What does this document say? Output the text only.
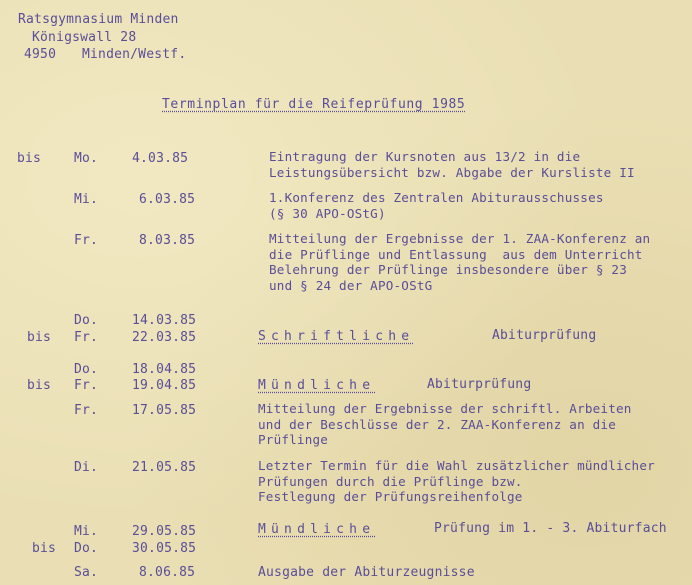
Ratsgymnasium Minden
Königswall 28
4950 Minden/Westf.
Terminplan für die Reifeprüfung 1985
bis	Mo.	4.03.85	Eintragung der Kursnoten aus 13/2 in die
Leistungsübersicht bzw. Abgabe der Kursliste II
Mi.	6.03.85	1.Konferenz des Zentralen Abiturausschusses
(§ 30 APO-OStG)
Fr.	8.03.85	Mitteilung der Ergebnisse der 1. ZAA-Konferenz an
die Prüflinge und Entlassung  aus dem Unterricht
Belehrung der Prüflinge insbesondere über § 23
und § 24 der APO-OStG
Do.	14.03.85
bis Fr.	22.03.85	Schriftliche	Abiturprüfung
Do.	18.04.85
bis Fr.	19.04.85	Mündliche	Abiturprüfung
Fr.	17.05.85	Mitteilung der Ergebnisse der schriftl. Arbeiten
und der Beschlüsse der 2. ZAA-Konferenz an die
Prüflinge
Di.	21.05.85	Letzter Termin für die Wahl zusätzlicher mündlicher
Prüfungen durch die Prüflinge bzw.
Festlegung der Prüfungsreihenfolge
Mi.	29.05.85	Mündliche	Prüfung im 1. - 3. Abiturfach
bis Do.	30.05.85
Sa.	8.06.85	Ausgabe der Abiturzeugnisse
